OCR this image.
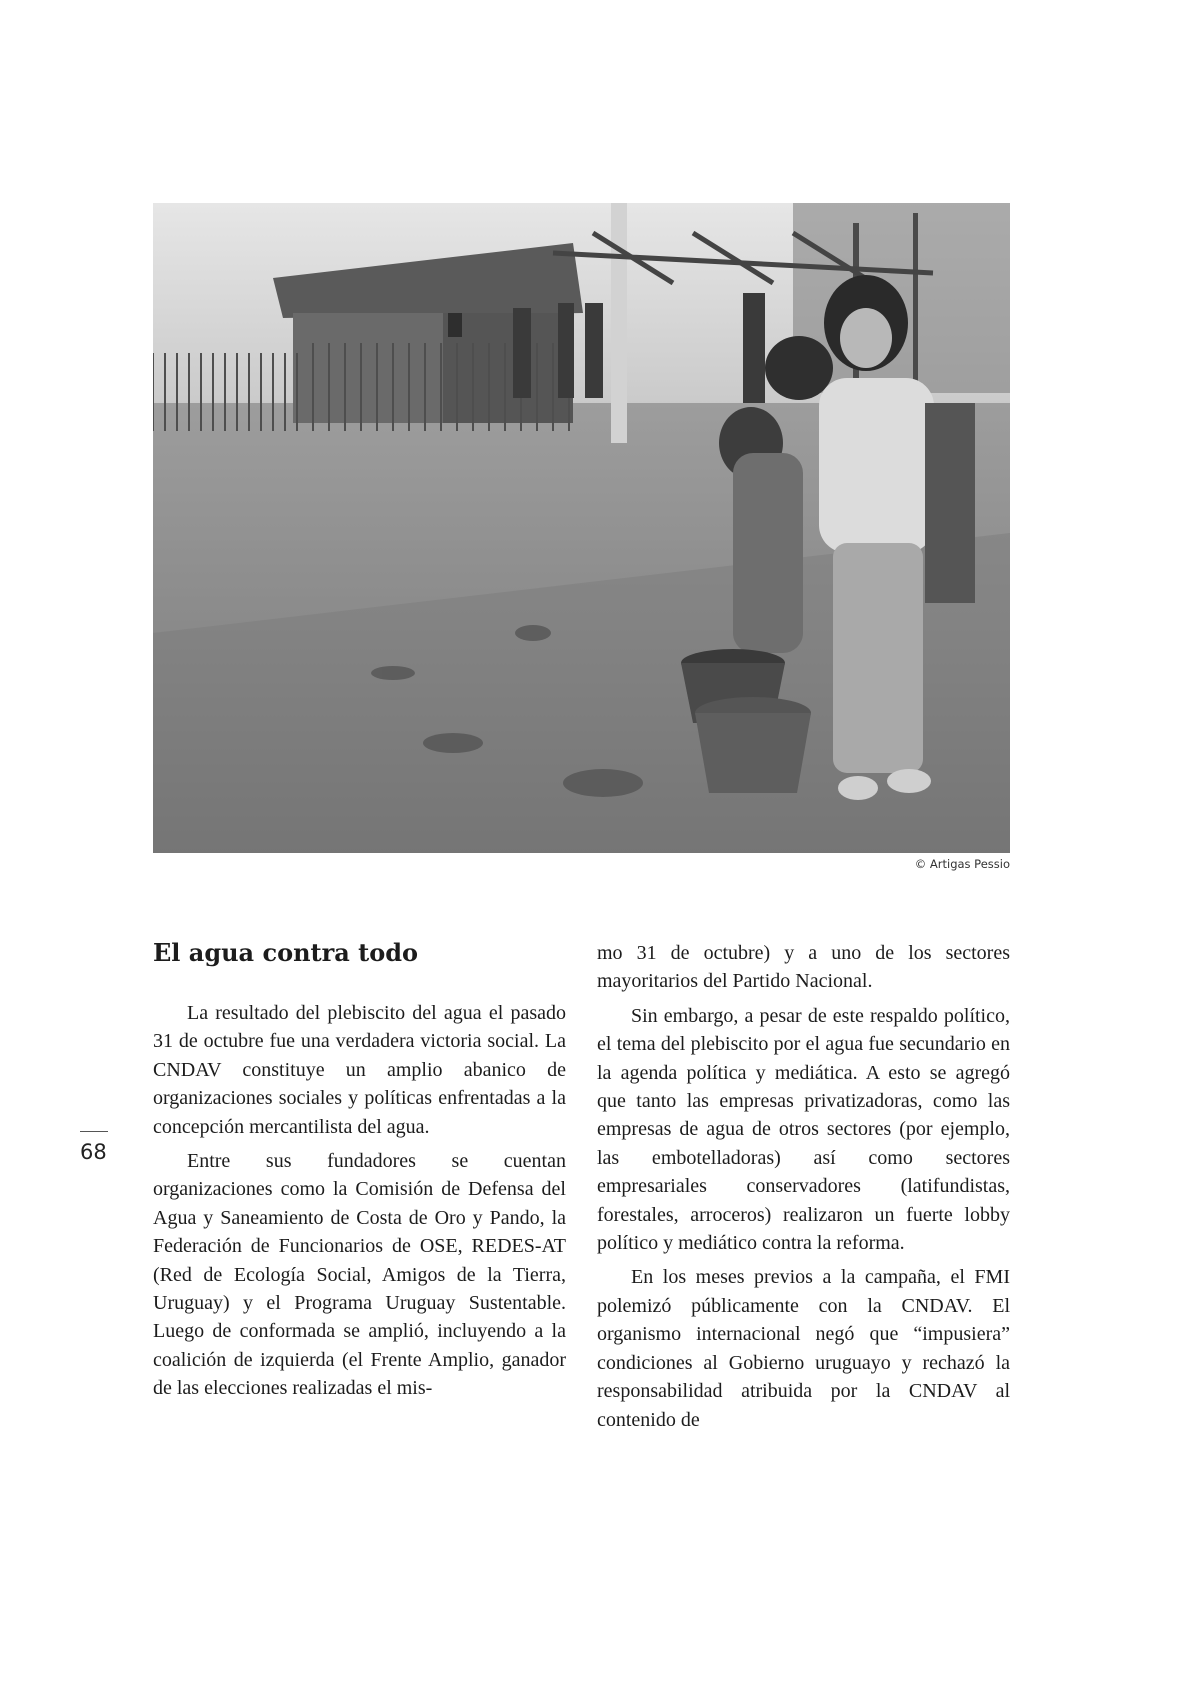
© Artigas Pessio
68
El agua contra todo

La resultado del plebiscito del agua el pasado 31 de octubre fue una verdadera victoria social. La CNDAV constituye un amplio abanico de organizaciones sociales y políticas enfrentadas a la concepción mercantilista del agua.

Entre sus fundadores se cuentan organizaciones como la Comisión de Defensa del Agua y Saneamiento de Costa de Oro y Pando, la Federación de Funcionarios de OSE, REDES-AT (Red de Ecología Social, Amigos de la Tierra, Uruguay) y el Programa Uruguay Sustentable. Luego de conformada se amplió, incluyendo a la coalición de izquierda (el Frente Amplio, ganador de las elecciones realizadas el mis-

mo 31 de octubre) y a uno de los sectores mayoritarios del Partido Nacional.

Sin embargo, a pesar de este respaldo político, el tema del plebiscito por el agua fue secundario en la agenda política y mediática. A esto se agregó que tanto las empresas privatizadoras, como las empresas de agua de otros sectores (por ejemplo, las embotelladoras) así como sectores empresariales conservadores (latifundistas, forestales, arroceros) realizaron un fuerte lobby político y mediático contra la reforma.

En los meses previos a la campaña, el FMI polemizó públicamente con la CNDAV. El organismo internacional negó que “impusiera” condiciones al Gobierno uruguayo y rechazó la responsabilidad atribuida por la CNDAV al contenido de
